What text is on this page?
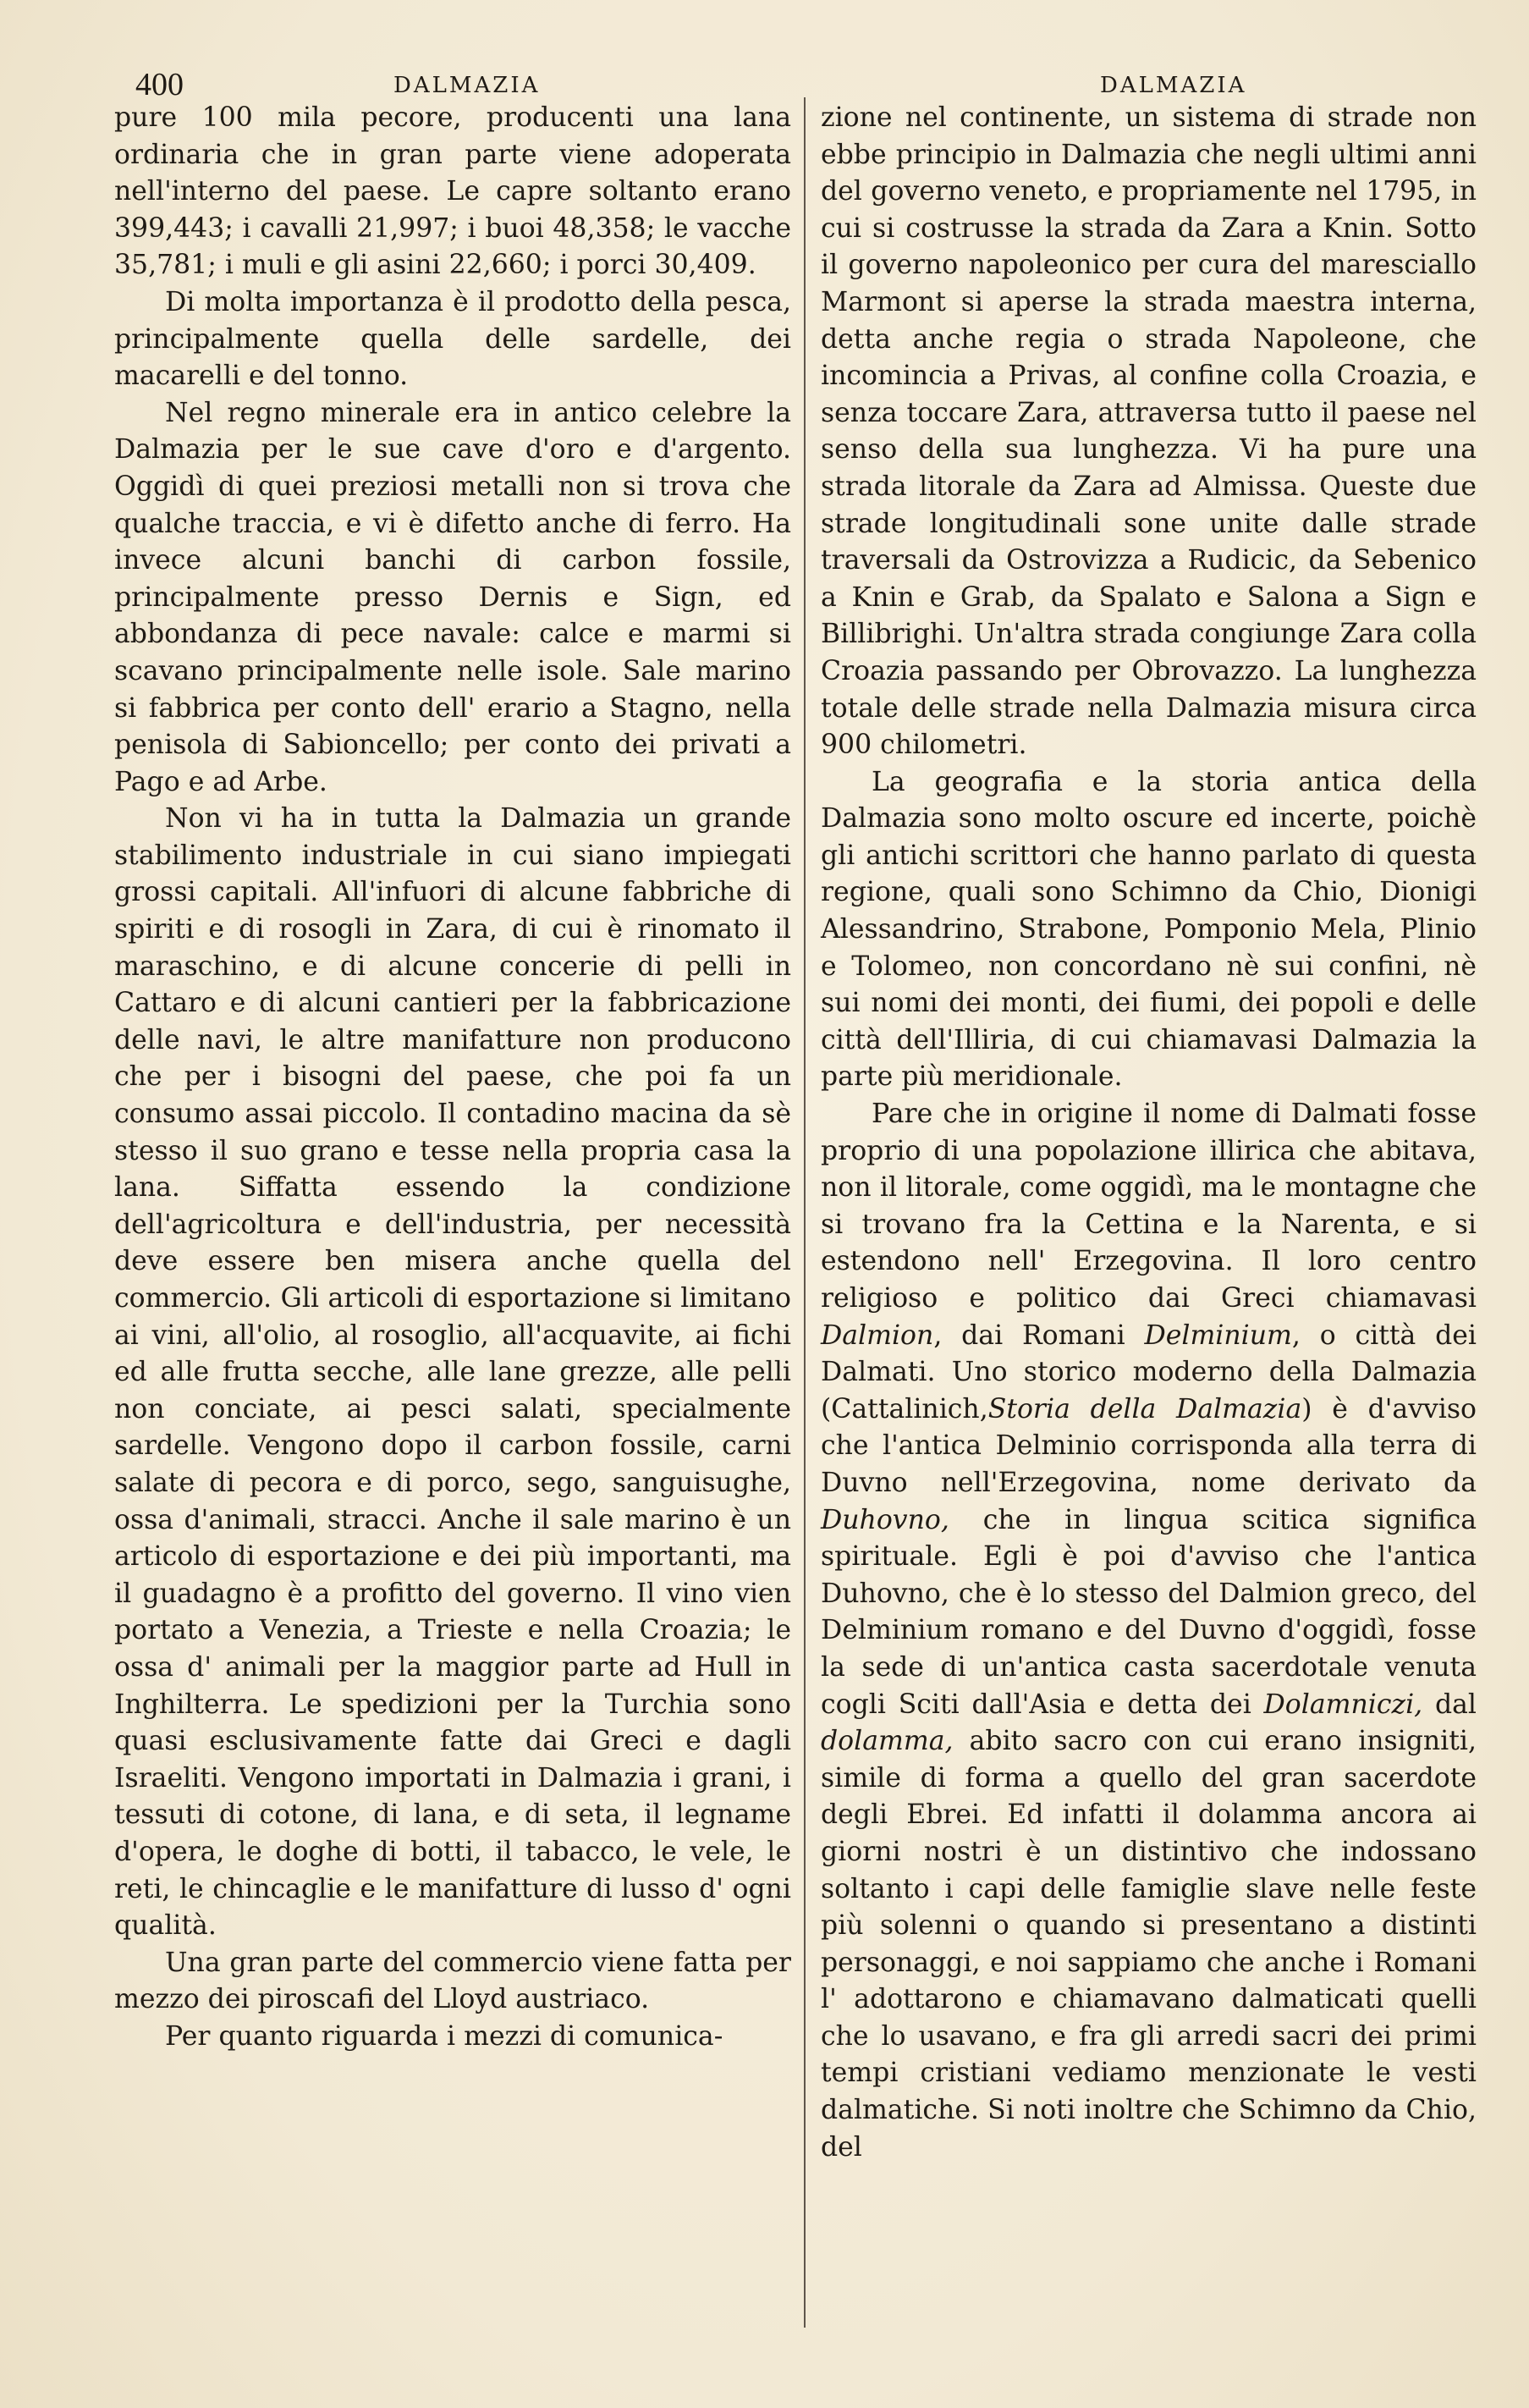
400	DALMAZIA	DALMAZIA

pure 100 mila pecore, producenti una lana ordinaria che in gran parte viene adoperata nell'interno del paese. Le capre soltanto erano 399,443; i cavalli 21,997; i buoi 48,358; le vacche 35,781; i muli e gli asini 22,660; i porci 30,409.

Di molta importanza è il prodotto della pesca, principalmente quella delle sardelle, dei macarelli e del tonno.

Nel regno minerale era in antico celebre la Dalmazia per le sue cave d'oro e d'argento. Oggidì di quei preziosi metalli non si trova che qualche traccia, e vi è difetto anche di ferro. Ha invece alcuni banchi di carbon fossile, principalmente presso Dernis e Sign, ed abbondanza di pece navale: calce e marmi si scavano principalmente nelle isole. Sale marino si fabbrica per conto dell' erario a Stagno, nella penisola di Sabioncello; per conto dei privati a Pago e ad Arbe.

Non vi ha in tutta la Dalmazia un grande stabilimento industriale in cui siano impiegati grossi capitali. All'infuori di alcune fabbriche di spiriti e di rosogli in Zara, di cui è rinomato il maraschino, e di alcune concerie di pelli in Cattaro e di alcuni cantieri per la fabbricazione delle navi, le altre manifatture non producono che per i bisogni del paese, che poi fa un consumo assai piccolo. Il contadino macina da sè stesso il suo grano e tesse nella propria casa la lana. Siffatta essendo la condizione dell'agricoltura e dell'industria, per necessità deve essere ben misera anche quella del commercio. Gli articoli di esportazione si limitano ai vini, all'olio, al rosoglio, all'acquavite, ai fichi ed alle frutta secche, alle lane grezze, alle pelli non conciate, ai pesci salati, specialmente sardelle. Vengono dopo il carbon fossile, carni salate di pecora e di porco, sego, sanguisughe, ossa d'animali, stracci. Anche il sale marino è un articolo di esportazione e dei più importanti, ma il guadagno è a profitto del governo. Il vino vien portato a Venezia, a Trieste e nella Croazia; le ossa d' animali per la maggior parte ad Hull in Inghilterra. Le spedizioni per la Turchia sono quasi esclusivamente fatte dai Greci e dagli Israeliti. Vengono importati in Dalmazia i grani, i tessuti di cotone, di lana, e di seta, il legname d'opera, le doghe di botti, il tabacco, le vele, le reti, le chincaglie e le manifatture di lusso d' ogni qualità.

Una gran parte del commercio viene fatta per mezzo dei piroscafi del Lloyd austriaco.

Per quanto riguarda i mezzi di comunica-

zione nel continente, un sistema di strade non ebbe principio in Dalmazia che negli ultimi anni del governo veneto, e propriamente nel 1795, in cui si costrusse la strada da Zara a Knin. Sotto il governo napoleonico per cura del maresciallo Marmont si aperse la strada maestra interna, detta anche regia o strada Napoleone, che incomincia a Privas, al confine colla Croazia, e senza toccare Zara, attraversa tutto il paese nel senso della sua lunghezza. Vi ha pure una strada litorale da Zara ad Almissa. Queste due strade longitudinali sone unite dalle strade traversali da Ostrovizza a Rudicic, da Sebenico a Knin e Grab, da Spalato e Salona a Sign e Billibrighi. Un'altra strada congiunge Zara colla Croazia passando per Obrovazzo. La lunghezza totale delle strade nella Dalmazia misura circa 900 chilometri.

La geografia e la storia antica della Dalmazia sono molto oscure ed incerte, poichè gli antichi scrittori che hanno parlato di questa regione, quali sono Schimno da Chio, Dionigi Alessandrino, Strabone, Pomponio Mela, Plinio e Tolomeo, non concordano nè sui confini, nè sui nomi dei monti, dei fiumi, dei popoli e delle città dell'Illiria, di cui chiamavasi Dalmazia la parte più meridionale.

Pare che in origine il nome di Dalmati fosse proprio di una popolazione illirica che abitava, non il litorale, come oggidì, ma le montagne che si trovano fra la Cettina e la Narenta, e si estendono nell' Erzegovina. Il loro centro religioso e politico dai Greci chiamavasi Dalmion, dai Romani Delminium, o città dei Dalmati. Uno storico moderno della Dalmazia (Cattalinich,Storia della Dalmazia) è d'avviso che l'antica Delminio corrisponda alla terra di Duvno nell'Erzegovina, nome derivato da Duhovno, che in lingua scitica significa spirituale. Egli è poi d'avviso che l'antica Duhovno, che è lo stesso del Dalmion greco, del Delminium romano e del Duvno d'oggidì, fosse la sede di un'antica casta sacerdotale venuta cogli Sciti dall'Asia e detta dei Dolamniczi, dal dolamma, abito sacro con cui erano insigniti, simile di forma a quello del gran sacerdote degli Ebrei. Ed infatti il dolamma ancora ai giorni nostri è un distintivo che indossano soltanto i capi delle famiglie slave nelle feste più solenni o quando si presentano a distinti personaggi, e noi sappiamo che anche i Romani l' adottarono e chiamavano dalmaticati quelli che lo usavano, e fra gli arredi sacri dei primi tempi cristiani vediamo menzionate le vesti dalmatiche. Si noti inoltre che Schimno da Chio, del
